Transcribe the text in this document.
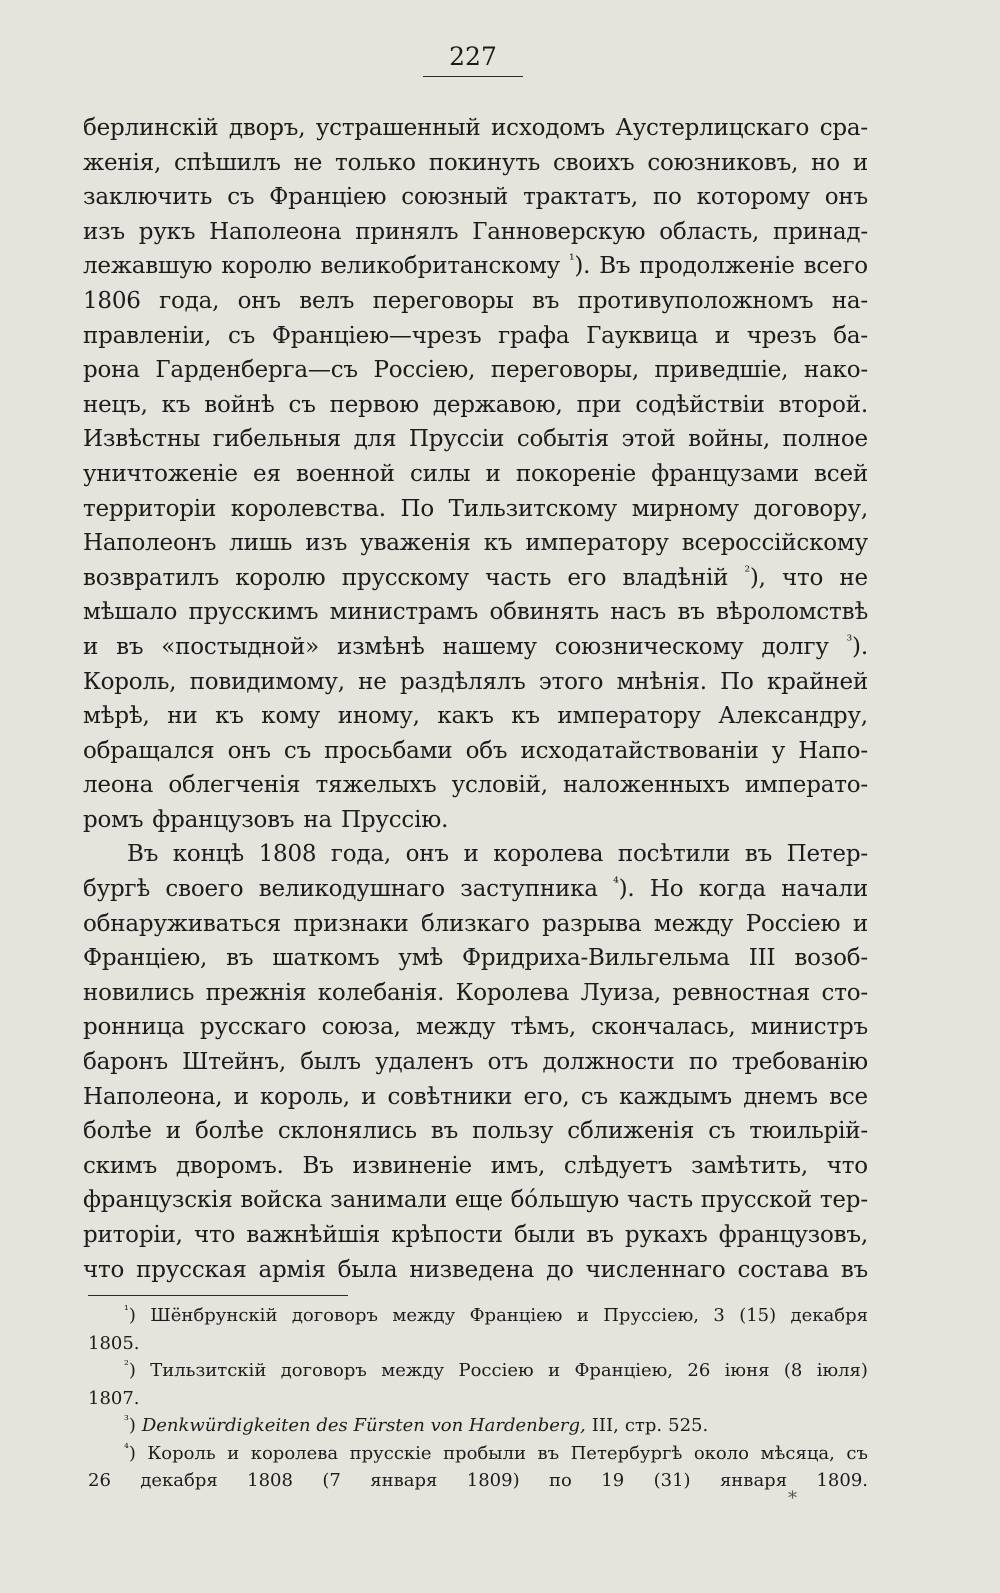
227
берлинскій дворъ, устрашенный исходомъ Аустерлицскаго сра-
женія, спѣшилъ не только покинуть своихъ союзниковъ, но и
заключить съ Франціею союзный трактатъ, по которому онъ
изъ рукъ Наполеона принялъ Ганноверскую область, принад-
лежавшую королю великобританскому $^{^1}$). Въ продолженіе всего
1806 года, онъ велъ переговоры въ противуположномъ на-
правленіи, съ Франціею—чрезъ графа Гауквица и чрезъ ба-
рона Гарденберга—съ Россіею, переговоры, приведшіе, нако-
нецъ, къ войнѣ съ первою державою, при содѣйствіи второй.
Извѣстны гибельныя для Пруссіи событія этой войны, полное
уничтоженіе ея военной силы и покореніе французами всей
территоріи королевства. По Тильзитскому мирному договору,
Наполеонъ лишь изъ уваженія къ императору всероссійскому
возвратилъ королю прусскому часть его владѣній $^{^2}$), что не
мѣшало прусскимъ министрамъ обвинять насъ въ вѣроломствѣ
и въ «постыдной» измѣнѣ нашему союзническому долгу $^{^3}$).
Король, повидимому, не раздѣлялъ этого мнѣнія. По крайней
мѣрѣ, ни къ кому иному, какъ къ императору Александру,
обращался онъ съ просьбами объ исходатайствованіи у Напо-
леона облегченія тяжелыхъ условій, наложенныхъ императо-
ромъ французовъ на Пруссію.
Въ концѣ 1808 года, онъ и королева посѣтили въ Петер-
бургѣ своего великодушнаго заступника $^{^4}$). Но когда начали
обнаруживаться признаки близкаго разрыва между Россіею и
Франціею, въ шаткомъ умѣ Фридриха-Вильгельма III возоб-
новились прежнія колебанія. Королева Луиза, ревностная сто-
ронница русскаго союза, между тѣмъ, скончалась, министръ
баронъ Штейнъ, былъ удаленъ отъ должности по требованію
Наполеона, и король, и совѣтники его, съ каждымъ днемъ все
болѣе и болѣе склонялись въ пользу сближенія съ тюильрій-
скимъ дворомъ. Въ извиненіе имъ, слѣдуетъ замѣтить, что
французскія войска занимали еще бо́льшую часть прусской тер-
риторіи, что важнѣйшія крѣпости были въ рукахъ французовъ,
что прусская армія была низведена до численнаго состава въ
$^{^1}$) Шёнбрунскій договоръ между Франціею и Пруссіею, 3 (15) декабря
1805.
$^{^2}$) Тильзитскій договоръ между Россіею и Франціею, 26 іюня (8 іюля)
1807.
$^{^3}$) Denkwürdigkeiten des Fürsten von Hardenberg, III, стр. 525.
$^{^4}$) Король и королева прусскіе пробыли въ Петербургѣ около мѣсяца, съ
26 декабря 1808 (7 января 1809) по 19 (31) января 1809.
*
